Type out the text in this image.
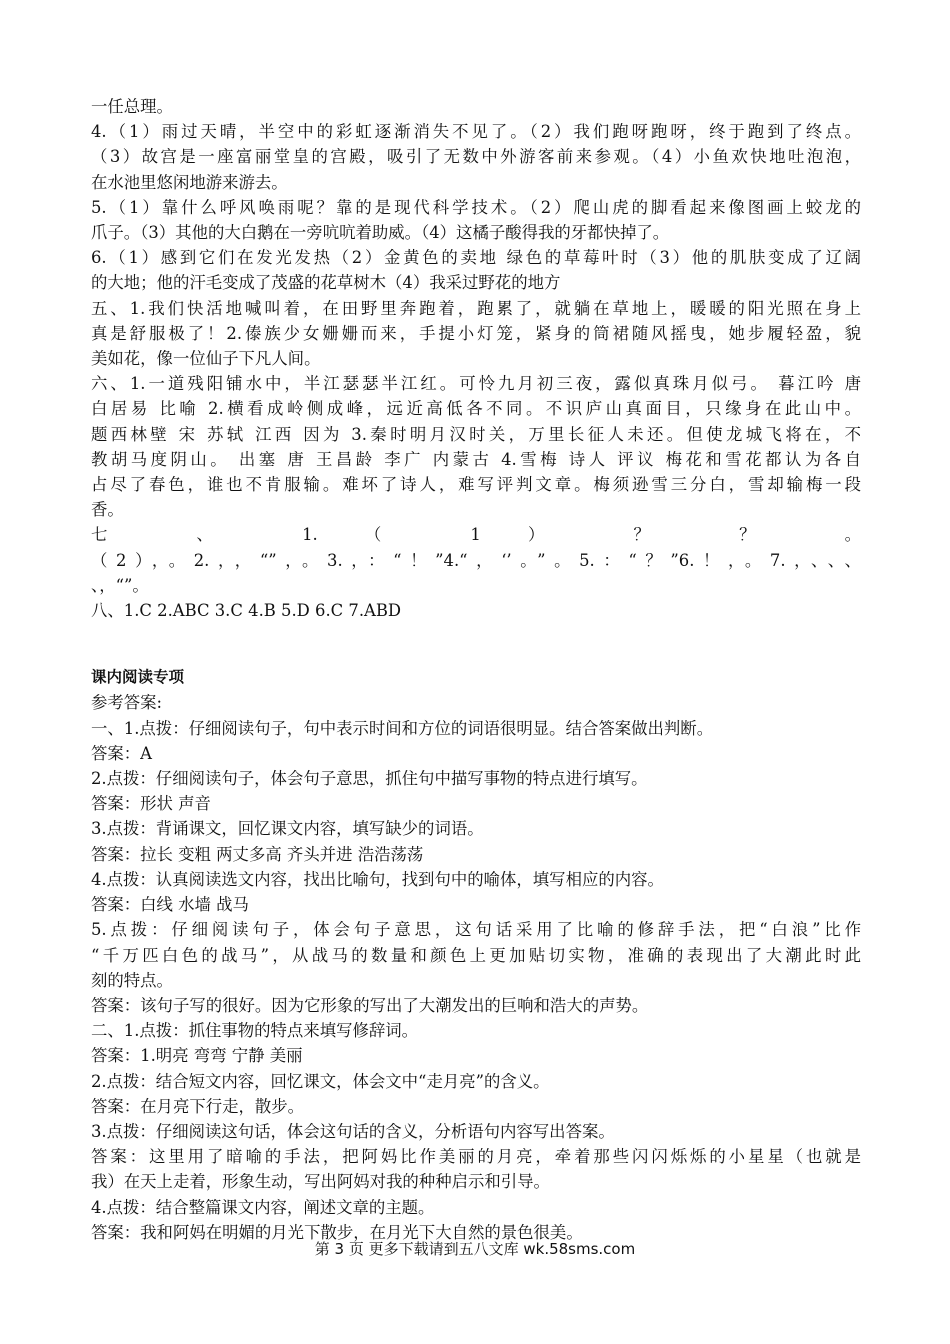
一任总理。

4.（1）雨过天晴，半空中的彩虹逐渐消失不见了。（2）我们跑呀跑呀，终于跑到了终点。

（3）故宫是一座富丽堂皇的宫殿，吸引了无数中外游客前来参观。（4）小鱼欢快地吐泡泡，

在水池里悠闲地游来游去。

5.（1）靠什么呼风唤雨呢？靠的是现代科学技术。（2）爬山虎的脚看起来像图画上蛟龙的

爪子。（3）其他的大白鹅在一旁吭吭着助威。（4）这橘子酸得我的牙都快掉了。

6.（1）感到它们在发光发热（2）金黄色的卖地 绿色的草莓叶时（3）他的肌肤变成了辽阔

的大地；他的汗毛变成了茂盛的花草树木（4）我采过野花的地方

五、1.我们快活地喊叫着，在田野里奔跑着，跑累了，就躺在草地上，暖暖的阳光照在身上

真是舒服极了！2.傣族少女姗姗而来，手提小灯笼，紧身的筒裙随风摇曳，她步履轻盈，貌

美如花，像一位仙子下凡人间。

六、1.一道残阳铺水中，半江瑟瑟半江红。可怜九月初三夜，露似真珠月似弓。 暮江吟 唐

白居易 比喻 2.横看成岭侧成峰，远近高低各不同。不识庐山真面目，只缘身在此山中。

题西林壁 宋 苏轼 江西 因为 3.秦时明月汉时关，万里长征人未还。但使龙城飞将在，不

教胡马度阴山。 出塞 唐 王昌龄 李广 内蒙古 4.雪梅 诗人 评议 梅花和雪花都认为各自

占尽了春色，谁也不肯服输。难坏了诗人，难写评判文章。梅须逊雪三分白，雪却输梅一段

香。

七 、 1. （ 1 ） ？ ？ 。

（2），。2.，，“”，。3.，：“！”4.“，‘’。”。5.：“？”6.！，。7.，、、、

、，“”。

八、1.C 2.ABC 3.C 4.B 5.D 6.C 7.ABD

课内阅读专项

参考答案:

一、1.点拨：仔细阅读句子，句中表示时间和方位的词语很明显。结合答案做出判断。

答案：A

2.点拨：仔细阅读句子，体会句子意思，抓住句中描写事物的特点进行填写。

答案：形状 声音

3.点拨：背诵课文，回忆课文内容，填写缺少的词语。

答案：拉长 变粗 两丈多高 齐头并进 浩浩荡荡

4.点拨：认真阅读选文内容，找出比喻句，找到句中的喻体，填写相应的内容。

答案：白线 水墙 战马

5.点拨：仔细阅读句子，体会句子意思，这句话采用了比喻的修辞手法，把“白浪”比作

“千万匹白色的战马”，从战马的数量和颜色上更加贴切实物，准确的表现出了大潮此时此

刻的特点。

答案：该句子写的很好。因为它形象的写出了大潮发出的巨响和浩大的声势。

二、1.点拨：抓住事物的特点来填写修辞词。

答案：1.明亮 弯弯 宁静 美丽

2.点拨：结合短文内容，回忆课文，体会文中“走月亮”的含义。

答案：在月亮下行走，散步。

3.点拨：仔细阅读这句话，体会这句话的含义，分析语句内容写出答案。

答案：这里用了暗喻的手法，把阿妈比作美丽的月亮，牵着那些闪闪烁烁的小星星（也就是

我）在天上走着，形象生动，写出阿妈对我的种种启示和引导。

4.点拨：结合整篇课文内容，阐述文章的主题。

答案：我和阿妈在明媚的月光下散步，在月光下大自然的景色很美。

第 3 页 更多下载请到五八文库 wk.58sms.com
